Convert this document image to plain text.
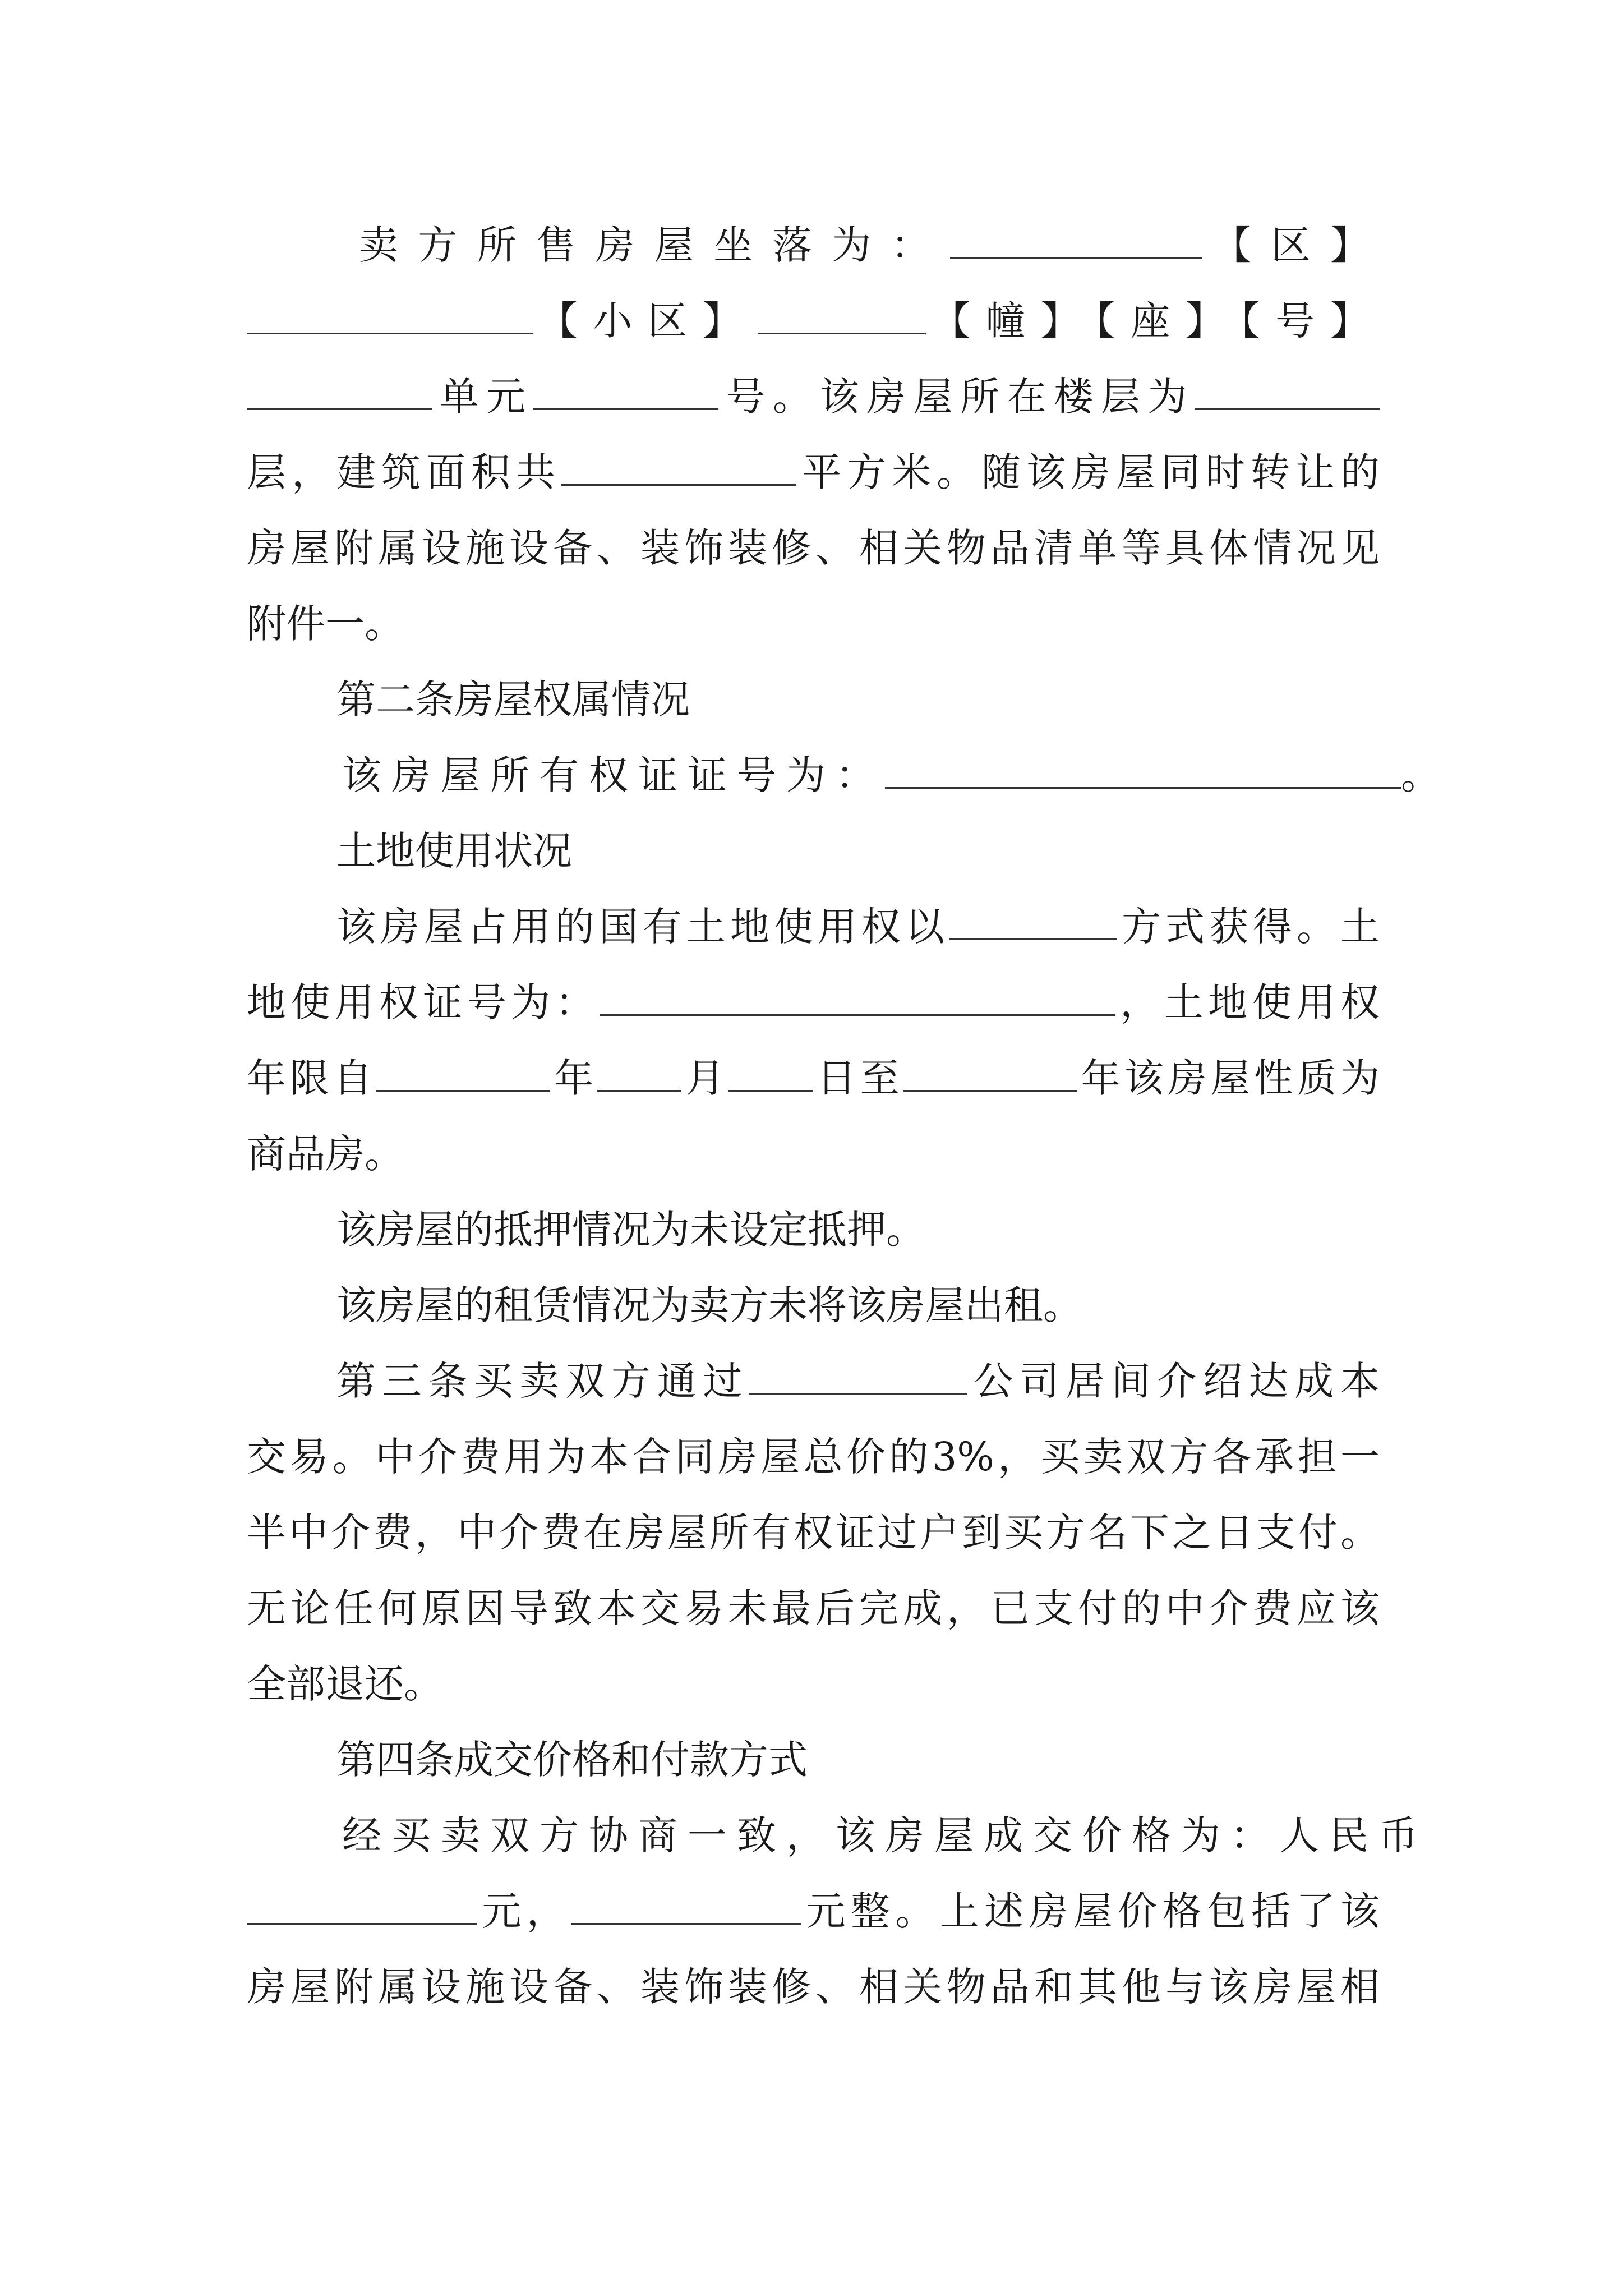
卖方所售房屋坐落为：	【区】
【小区】	【幢】【座】【号】
单元	号。该房屋所在楼层为
层，建筑面积共	平方米。随该房屋同时转让的
房屋附属设施设备、装饰装修、相关物品清单等具体情况见
附件一。
第二条房屋权属情况
该房屋所有权证证号为：	。
土地使用状况
该房屋占用的国有土地使用权以	方式获得。土
地使用权证号为：	，土地使用权
年限自	年 月 日至	年该房屋性质为
商品房。
该房屋的抵押情况为未设定抵押。
该房屋的租赁情况为卖方未将该房屋出租。
第三条买卖双方通过	公司居间介绍达成本
交易。中介费用为本合同房屋总价的3%，买卖双方各承担一
半中介费，中介费在房屋所有权证过户到买方名下之日支付。
无论任何原因导致本交易未最后完成，已支付的中介费应该
全部退还。
第四条成交价格和付款方式
经买卖双方协商一致，该房屋成交价格为：人民币
元，	元整。上述房屋价格包括了该
房屋附属设施设备、装饰装修、相关物品和其他与该房屋相
